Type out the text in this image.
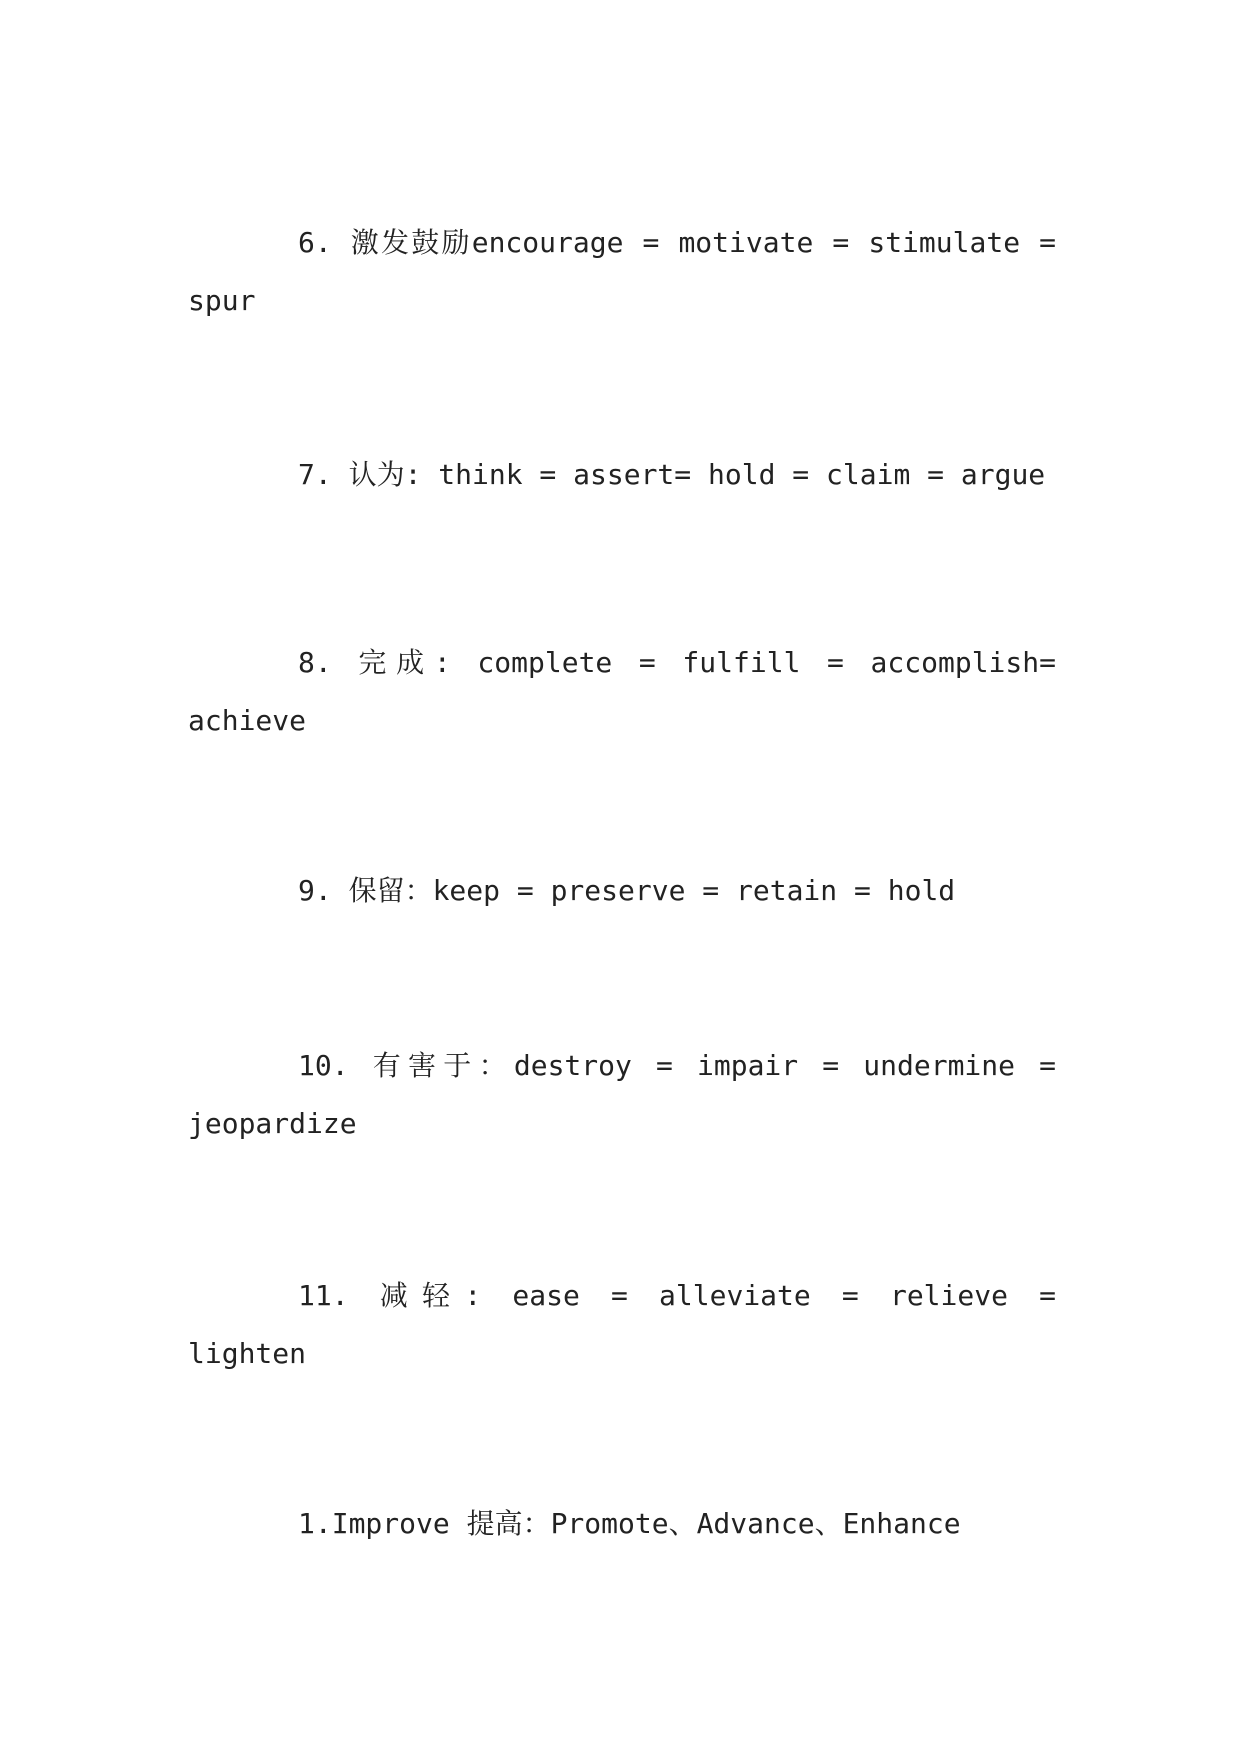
6. 激发鼓励encourage = motivate = stimulate = spur

7. 认为: think = assert= hold = claim = argue

8. 完成: complete = fulfill = accomplish= achieve

9. 保留：keep = preserve = retain = hold

10. 有害于：destroy = impair = undermine = jeopardize

11. 减轻: ease = alleviate = relieve = lighten

1.Improve 提高：Promote、Advance、Enhance
